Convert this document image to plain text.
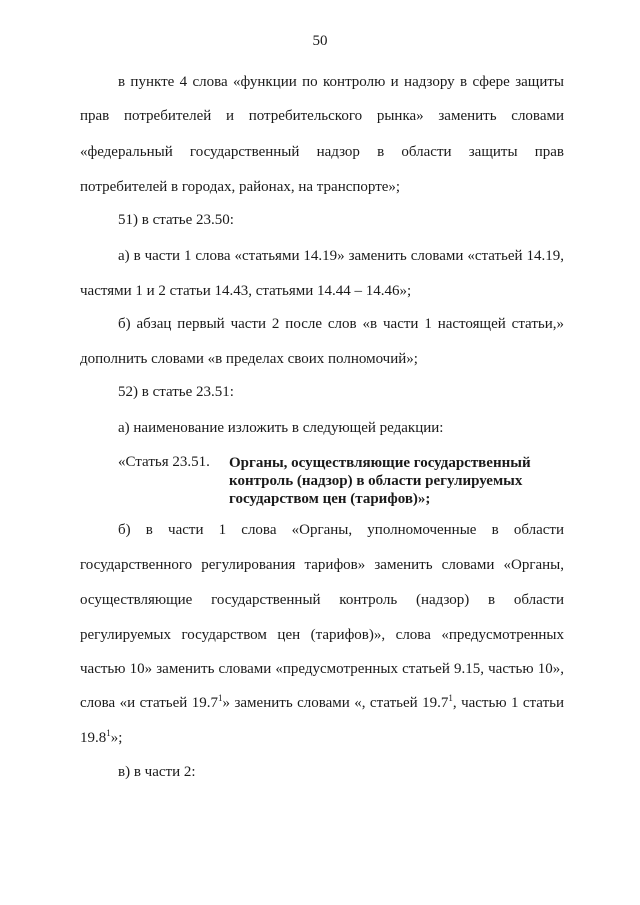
50
в пункте 4 слова «функции по контролю и надзору в сфере защиты
прав потребителей и потребительского рынка» заменить словами
«федеральный государственный надзор в области защиты прав
потребителей в городах, районах, на транспорте»;
51) в статье 23.50:
а) в части 1 слова «статьями 14.19» заменить словами «статьей 14.19,
частями 1 и 2 статьи 14.43, статьями 14.44 – 14.46»;
б) абзац первый части 2 после слов «в части 1 настоящей статьи,»
дополнить словами «в пределах своих полномочий»;
52) в статье 23.51:
а) наименование изложить в следующей редакции:
«Статья 23.51. Органы, осуществляющие государственный
контроль (надзор) в области регулируемых
государством цен (тарифов)»;
б) в части 1 слова «Органы, уполномоченные в области
государственного регулирования тарифов» заменить словами «Органы,
осуществляющие государственный контроль (надзор) в области
регулируемых государством цен (тарифов)», слова «предусмотренных
частью 10» заменить словами «предусмотренных статьей 9.15, частью 10»,
слова «и статьей 19.7$^1$» заменить словами «, статьей 19.7$^1$, частью 1 статьи
19.8$^1$»;
в) в части 2:
